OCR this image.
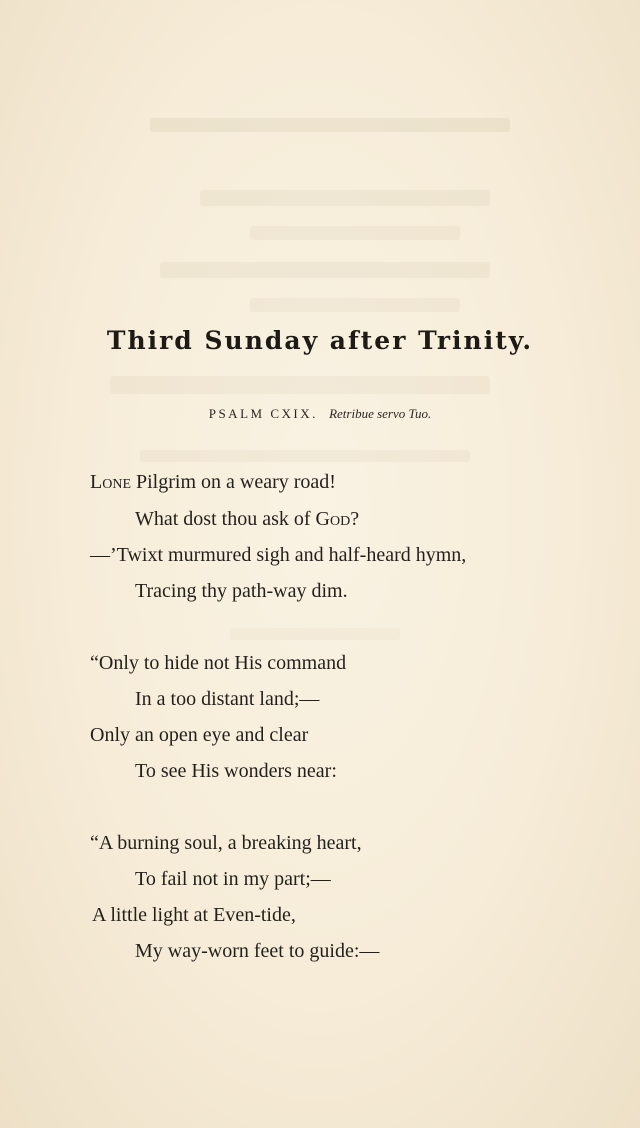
Third Sunday after Trinity.
PSALM CXIX. Retribue servo Tuo.
Lone Pilgrim on a weary road!
What dost thou ask of God?
—’Twixt murmured sigh and half-heard hymn,
Tracing thy path-way dim.
“Only to hide not His command
In a too distant land;—
Only an open eye and clear
To see His wonders near:
“A burning soul, a breaking heart,
To fail not in my part;—
A little light at Even-tide,
My way-worn feet to guide:—
